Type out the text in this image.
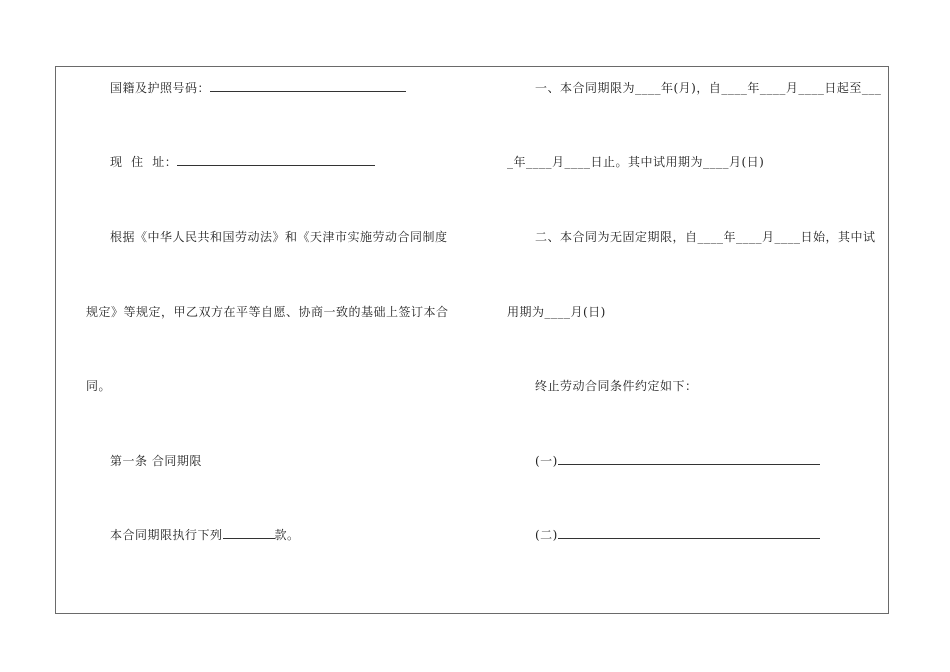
国籍及护照号码：
现  住  址：
根据《中华人民共和国劳动法》和《天津市实施劳动合同制度
规定》等规定，甲乙双方在平等自愿、协商一致的基础上签订本合
同。
第一条 合同期限
本合同期限执行下列	款。
一、本合同期限为____年(月)，自____年____月____日起至___
_年____月____日止。其中试用期为____月(日)
二、本合同为无固定期限，自____年____月____日始，其中试
用期为____月(日)
终止劳动合同条件约定如下：
(一)
(二)
